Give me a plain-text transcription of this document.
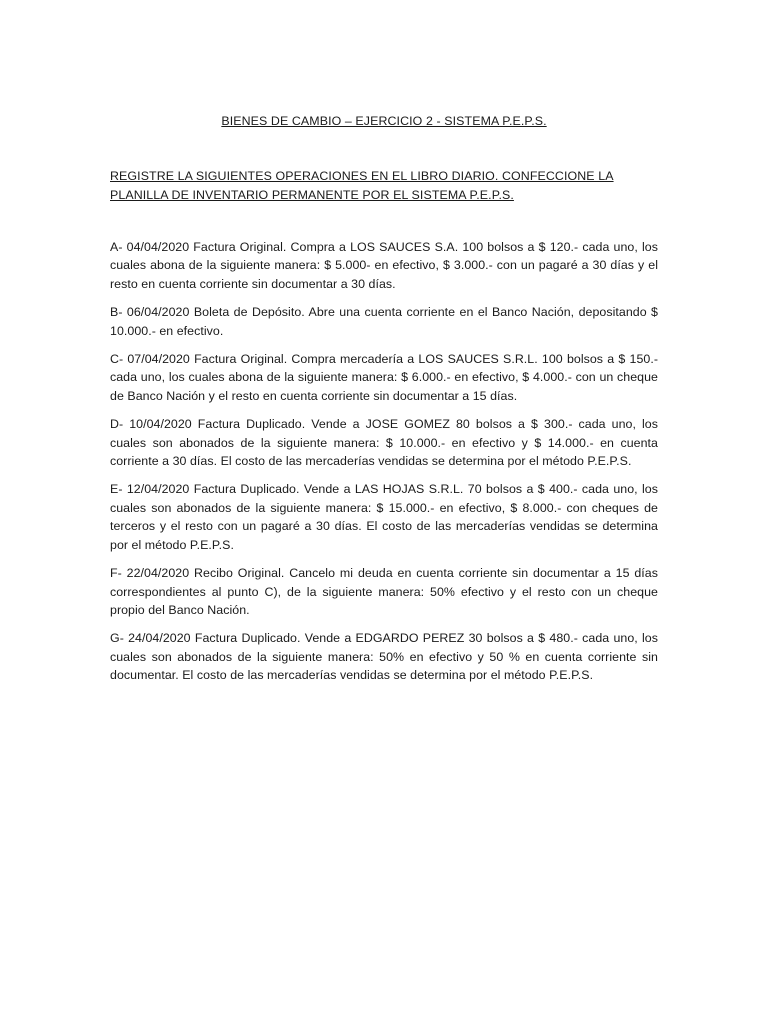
BIENES DE CAMBIO – EJERCICIO 2 - SISTEMA P.E.P.S.

REGISTRE LA SIGUIENTES OPERACIONES EN EL LIBRO DIARIO. CONFECCIONE LA PLANILLA DE INVENTARIO PERMANENTE POR EL SISTEMA P.E.P.S.

A- 04/04/2020 Factura Original. Compra a LOS SAUCES S.A. 100 bolsos a $ 120.- cada uno, los cuales abona de la siguiente manera: $ 5.000- en efectivo, $ 3.000.- con un pagaré a 30 días y el resto en cuenta corriente sin documentar a 30 días.
B- 06/04/2020 Boleta de Depósito. Abre una cuenta corriente en el Banco Nación, depositando $ 10.000.- en efectivo.
C- 07/04/2020 Factura Original. Compra mercadería a LOS SAUCES S.R.L. 100 bolsos a $ 150.- cada uno, los cuales abona de la siguiente manera: $ 6.000.- en efectivo, $ 4.000.- con un cheque de Banco Nación y el resto en cuenta corriente sin documentar a 15 días.
D- 10/04/2020 Factura Duplicado. Vende a JOSE GOMEZ 80 bolsos a $ 300.- cada uno, los cuales son abonados de la siguiente manera: $ 10.000.- en efectivo y $ 14.000.- en cuenta corriente a 30 días. El costo de las mercaderías vendidas se determina por el método P.E.P.S.
E- 12/04/2020 Factura Duplicado. Vende a LAS HOJAS S.R.L. 70 bolsos a $ 400.- cada uno, los cuales son abonados de la siguiente manera: $ 15.000.- en efectivo, $ 8.000.- con cheques de terceros y el resto con un pagaré a 30 días. El costo de las mercaderías vendidas se determina por el método P.E.P.S.
F- 22/04/2020 Recibo Original. Cancelo mi deuda en cuenta corriente sin documentar a 15 días correspondientes al punto C), de la siguiente manera: 50% efectivo y el resto con un cheque propio del Banco Nación.
G- 24/04/2020 Factura Duplicado. Vende a EDGARDO PEREZ 30 bolsos a $ 480.- cada uno, los cuales son abonados de la siguiente manera: 50% en efectivo y 50 % en cuenta corriente sin documentar. El costo de las mercaderías vendidas se determina por el método P.E.P.S.
